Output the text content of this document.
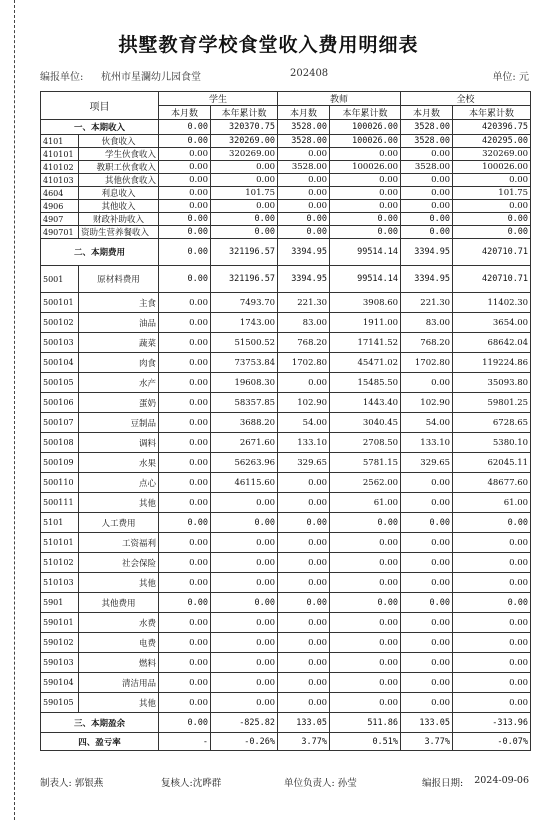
拱墅教育学校食堂收入费用明细表
编报单位: 杭州市星瀾幼儿园食堂	202408	单位: 元
项目		学生		教师		全校	
		本月数	本年累计数	本月数	本年累计数	本月数	本年累计数
一、本期收入		0.00	320370.75	3528.00	100026.00	3528.00	420396.75
4101	伙食收入	0.00	320269.00	3528.00	100026.00	3528.00	420295.00
410101	学生伙食收入	0.00	320269.00	0.00	0.00	0.00	320269.00
410102	教职工伙食收入	0.00	0.00	3528.00	100026.00	3528.00	100026.00
410103	其他伙食收入	0.00	0.00	0.00	0.00	0.00	0.00
4604	利息收入	0.00	101.75	0.00	0.00	0.00	101.75
4906	其他收入	0.00	0.00	0.00	0.00	0.00	0.00
4907	财政补助收入	0.00	0.00	0.00	0.00	0.00	0.00
490701	资助生营养餐收入	0.00	0.00	0.00	0.00	0.00	0.00
二、本期费用		0.00	321196.57	3394.95	99514.14	3394.95	420710.71
5001	原材料费用	0.00	321196.57	3394.95	99514.14	3394.95	420710.71
500101	主食	0.00	7493.70	221.30	3908.60	221.30	11402.30
500102	油品	0.00	1743.00	83.00	1911.00	83.00	3654.00
500103	蔬菜	0.00	51500.52	768.20	17141.52	768.20	68642.04
500104	肉食	0.00	73753.84	1702.80	45471.02	1702.80	119224.86
500105	水产	0.00	19608.30	0.00	15485.50	0.00	35093.80
500106	蛋奶	0.00	58357.85	102.90	1443.40	102.90	59801.25
500107	豆制品	0.00	3688.20	54.00	3040.45	54.00	6728.65
500108	调料	0.00	2671.60	133.10	2708.50	133.10	5380.10
500109	水果	0.00	56263.96	329.65	5781.15	329.65	62045.11
500110	点心	0.00	46115.60	0.00	2562.00	0.00	48677.60
500111	其他	0.00	0.00	0.00	61.00	0.00	61.00
5101	人工费用	0.00	0.00	0.00	0.00	0.00	0.00
510101	工资福利	0.00	0.00	0.00	0.00	0.00	0.00
510102	社会保险	0.00	0.00	0.00	0.00	0.00	0.00
510103	其他	0.00	0.00	0.00	0.00	0.00	0.00
5901	其他费用	0.00	0.00	0.00	0.00	0.00	0.00
590101	水费	0.00	0.00	0.00	0.00	0.00	0.00
590102	电费	0.00	0.00	0.00	0.00	0.00	0.00
590103	燃料	0.00	0.00	0.00	0.00	0.00	0.00
590104	清洁用品	0.00	0.00	0.00	0.00	0.00	0.00
590105	其他	0.00	0.00	0.00	0.00	0.00	0.00
三、本期盈余		0.00	-825.82	133.05	511.86	133.05	-313.96
四、盈亏率		-	-0.26%	3.77%	0.51%	3.77%	-0.07%
制表人: 郭银燕	复核人:沈晔群	单位负责人: 孙莹	编报日期: 2024-09-06
